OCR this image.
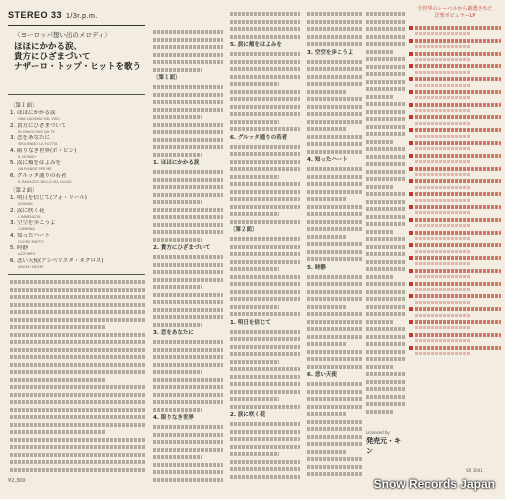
STEREO 33 1/3r.p.m.
〈ヨーロッパ想い出のメロディ〉
ほほにかかる涙、
貴方にひざまづいて
ナザーロ・トップ・ヒットを歌う
〔第１面〕
1. ほほにかかる涙
UNA LACRIMA SUL VISO
2. 貴方にひざまづいて
IN GINOCCHIO DA TE
3. 恋をあなたに
SEGUENDO LA FLOTTA
4. 限りなき世界(ボ・ビン)
IL MONDO
5. 涙に頬をはよみを
UN PIANGE PER ME
6. グルッタ通りの若者
IL RAGAZZO DELLA VIA GLUCK
〔第２面〕
1. 明日を信じて(フォ・リール)
DOMANI
2. 涙に咲く花
L'IMMENSITA
3. 空空を歩こうよ
CAMMINA
4. 知ったハート
CUORE MATTO
5. 時静
AZZURRO
6. 悲い天使(アンベリスタ・ネグロス)
ANGELI NEGRI
〔第１面〕
1. ほほにかかる涙
2. 貴方にひざまづいて
3. 恋をあなたに
4. 限りなき世界
5. 涙に頬をはよみを
6. グルッタ通りの若者
〔第２面〕
1. 明日を信じて
2. 涙に咲く花
3. 空空を歩こうよ
4. 知ったハート
5. 時静
6. 悲い天使
¥2,300
全世界のレーベルから厳選された
洋楽ポピュラーLP
Licensed by
発売元・キン
SR 3041
Snow Records Japan
